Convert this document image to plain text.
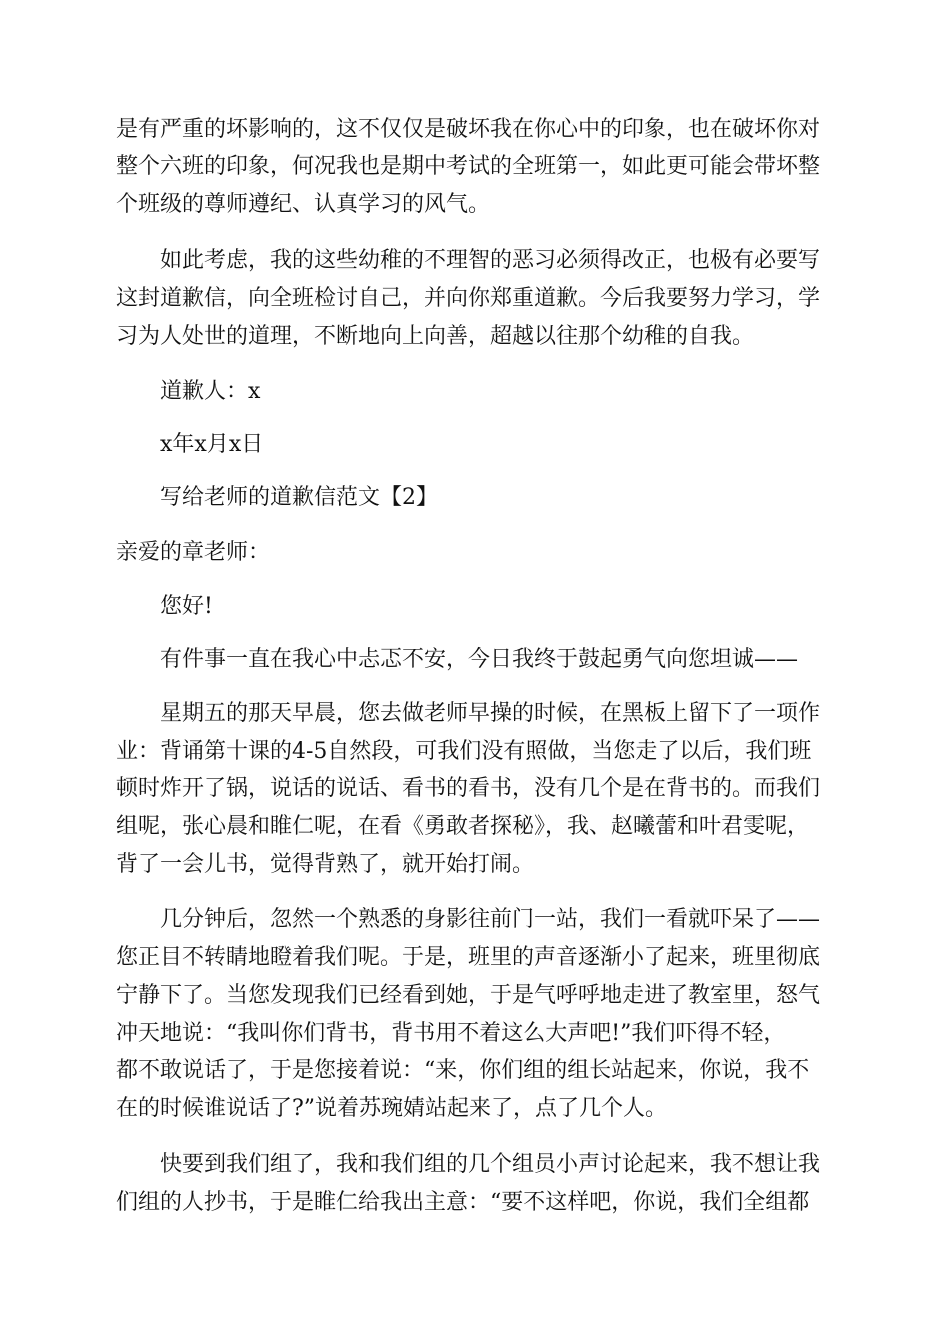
是有严重的坏影响的，这不仅仅是破坏我在你心中的印象，也在破坏你对
整个六班的印象，何况我也是期中考试的全班第一，如此更可能会带坏整
个班级的尊师遵纪、认真学习的风气。
如此考虑，我的这些幼稚的不理智的恶习必须得改正，也极有必要写
这封道歉信，向全班检讨自己，并向你郑重道歉。今后我要努力学习，学
习为人处世的道理，不断地向上向善，超越以往那个幼稚的自我。
道歉人：x
x年x月x日
写给老师的道歉信范文【2】
亲爱的章老师：
您好!
有件事一直在我心中忐忑不安，今日我终于鼓起勇气向您坦诚——
星期五的那天早晨，您去做老师早操的时候，在黑板上留下了一项作
业：背诵第十课的4-5自然段，可我们没有照做，当您走了以后，我们班
顿时炸开了锅，说话的说话、看书的看书，没有几个是在背书的。而我们
组呢，张心晨和睢仁呢，在看《勇敢者探秘》，我、赵曦蕾和叶君雯呢，
背了一会儿书，觉得背熟了，就开始打闹。
几分钟后，忽然一个熟悉的身影往前门一站，我们一看就吓呆了——
您正目不转睛地瞪着我们呢。于是，班里的声音逐渐小了起来，班里彻底
宁静下了。当您发现我们已经看到她，于是气呼呼地走进了教室里，怒气
冲天地说：“我叫你们背书，背书用不着这么大声吧!”我们吓得不轻，
都不敢说话了，于是您接着说：“来，你们组的组长站起来，你说，我不
在的时候谁说话了?”说着苏琬婧站起来了，点了几个人。
快要到我们组了，我和我们组的几个组员小声讨论起来，我不想让我
们组的人抄书，于是睢仁给我出主意：“要不这样吧，你说，我们全组都
